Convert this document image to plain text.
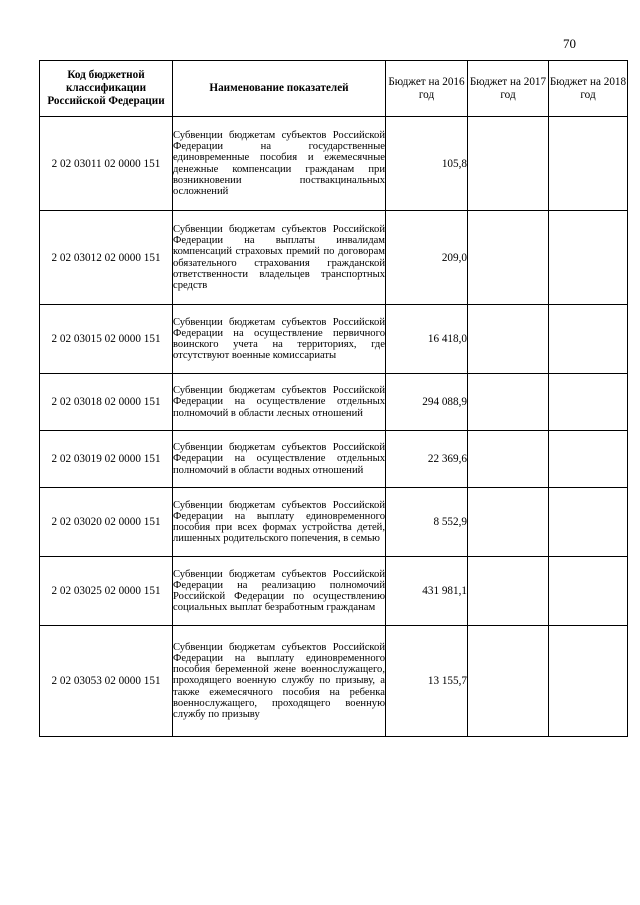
70
Код бюджетной классификации Российской Федерации	Наименование показателей	Бюджет на 2016 год	Бюджет на 2017 год	Бюджет на 2018 год
2 02 03011 02 0000 151	Субвенции бюджетам субъектов Российской Федерации на государственные единовременные пособия и ежемесячные денежные компенсации гражданам при возникновении поствакцинальных осложнений	105,8		
2 02 03012 02 0000 151	Субвенции бюджетам субъектов Российской Федерации на выплаты инвалидам компенсаций страховых премий по договорам обязательного страхования гражданской ответственности владельцев транспортных средств	209,0		
2 02 03015 02 0000 151	Субвенции бюджетам субъектов Российской Федерации на осуществление первичного воинского учета на территориях, где отсутствуют военные комиссариаты	16 418,0		
2 02 03018 02 0000 151	Субвенции бюджетам субъектов Российской Федерации на осуществление отдельных полномочий в области лесных отношений	294 088,9		
2 02 03019 02 0000 151	Субвенции бюджетам субъектов Российской Федерации на осуществление отдельных полномочий в области водных отношений	22 369,6		
2 02 03020 02 0000 151	Субвенции бюджетам субъектов Российской Федерации на выплату единовременного пособия при всех формах устройства детей, лишенных родительского попечения, в семью	8 552,9		
2 02 03025 02 0000 151	Субвенции бюджетам субъектов Российской Федерации на реализацию полномочий Российской Федерации по осуществлению социальных выплат безработным гражданам	431 981,1		
2 02 03053 02 0000 151	Субвенции бюджетам субъектов Российской Федерации на выплату единовременного пособия беременной жене военнослужащего, проходящего военную службу по призыву, а также ежемесячного пособия на ребенка военнослужащего, проходящего военную службу по призыву	13 155,7		
